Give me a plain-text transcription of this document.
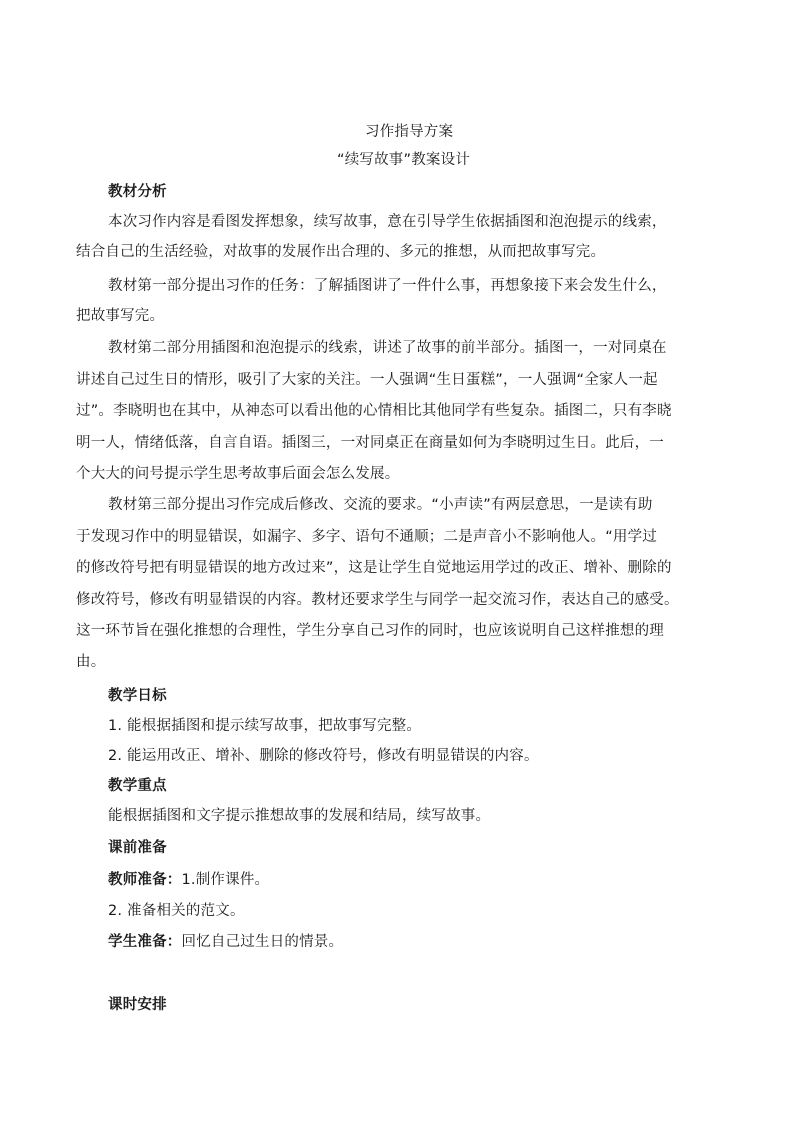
习作指导方案
“续写故事”教案设计
教材分析
本次习作内容是看图发挥想象，续写故事，意在引导学生依据插图和泡泡提示的线索，
结合自己的生活经验，对故事的发展作出合理的、多元的推想，从而把故事写完。
教材第一部分提出习作的任务：了解插图讲了一件什么事，再想象接下来会发生什么，
把故事写完。
教材第二部分用插图和泡泡提示的线索，讲述了故事的前半部分。插图一，一对同桌在
讲述自己过生日的情形，吸引了大家的关注。一人强调“生日蛋糕”，一人强调“全家人一起
过”。李晓明也在其中，从神态可以看出他的心情相比其他同学有些复杂。插图二，只有李晓
明一人，情绪低落，自言自语。插图三，一对同桌正在商量如何为李晓明过生日。此后，一
个大大的问号提示学生思考故事后面会怎么发展。
教材第三部分提出习作完成后修改、交流的要求。“小声读”有两层意思，一是读有助
于发现习作中的明显错误，如漏字、多字、语句不通顺；二是声音小不影响他人。“用学过
的修改符号把有明显错误的地方改过来”，这是让学生自觉地运用学过的改正、增补、删除的
修改符号，修改有明显错误的内容。教材还要求学生与同学一起交流习作，表达自己的感受。
这一环节旨在强化推想的合理性，学生分享自己习作的同时，也应该说明自己这样推想的理
由。
教学日标
1. 能根据插图和提示续写故事，把故事写完整。
2. 能运用改正、增补、删除的修改符号，修改有明显错误的内容。
教学重点
能根据插图和文字提示推想故事的发展和结局，续写故事。
课前准备
教师准备：1.制作课件。
2. 准备相关的范文。
学生准备：回忆自己过生日的情景。
课时安排
